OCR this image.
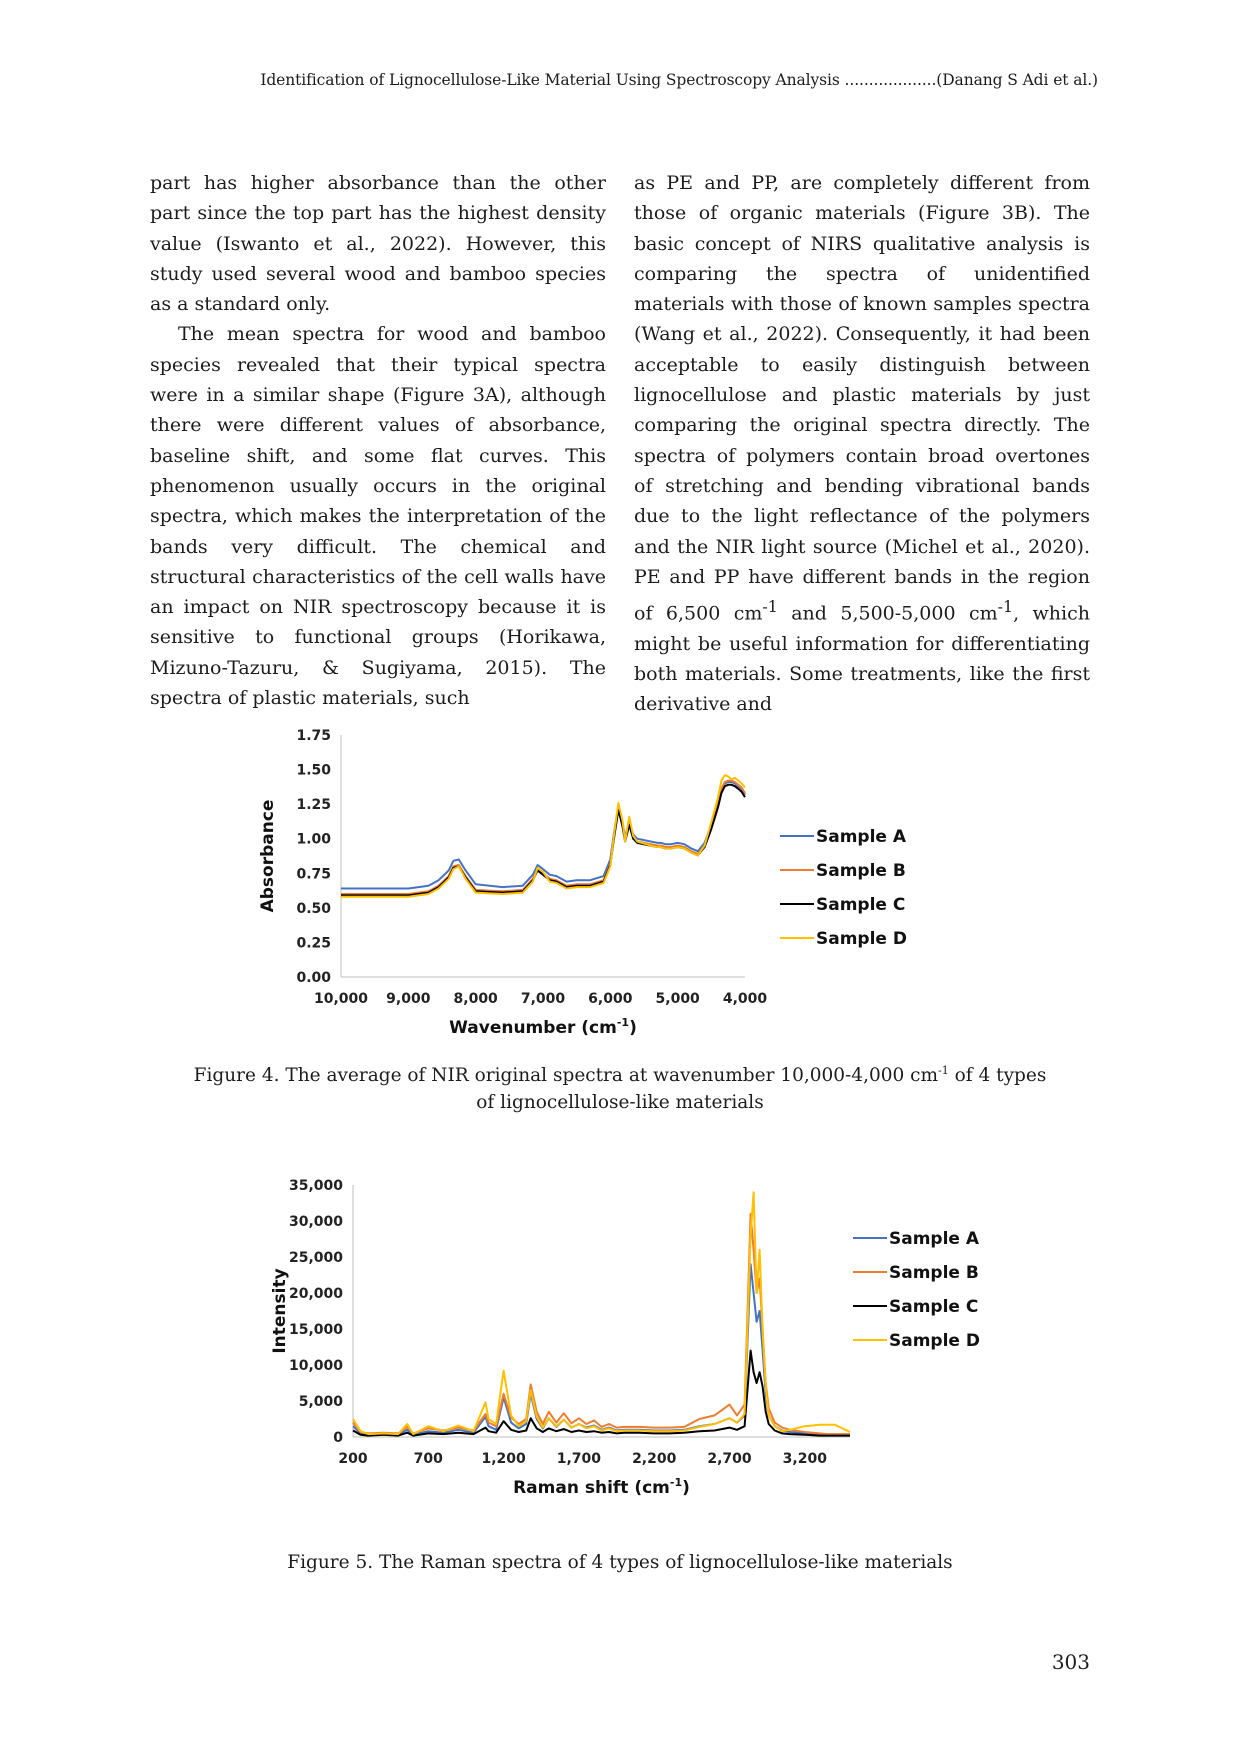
Identification of Lignocellulose-Like Material Using Spectroscopy Analysis ...................(Danang S Adi et al.)

part has higher absorbance than the other part since the top part has the highest density value (Iswanto et al., 2022). However, this study used several wood and bamboo species as a standard only.

The mean spectra for wood and bamboo species revealed that their typical spectra were in a similar shape (Figure 3A), although there were different values of absorbance, baseline shift, and some flat curves. This phenomenon usually occurs in the original spectra, which makes the interpretation of the bands very difficult. The chemical and structural characteristics of the cell walls have an impact on NIR spectroscopy because it is sensitive to functional groups (Horikawa, Mizuno-Tazuru, & Sugiyama, 2015). The spectra of plastic materials, such

as PE and PP, are completely different from those of organic materials (Figure 3B). The basic concept of NIRS qualitative analysis is comparing the spectra of unidentified materials with those of known samples spectra (Wang et al., 2022). Consequently, it had been acceptable to easily distinguish between lignocellulose and plastic materials by just comparing the original spectra directly. The spectra of polymers contain broad overtones of stretching and bending vibrational bands due to the light reflectance of the polymers and the NIR light source (Michel et al., 2020). PE and PP have different bands in the region of 6,500 $cm^{-1}$ and 5,500-5,000 $cm^{-1}$, which might be useful information for differentiating both materials. Some treatments, like the first derivative and

0.00
0.25
0.50
0.75
1.00
1.25
1.50
1.75
10,000 9,000 8,000 7,000 6,000 5,000 4,000
Wavenumber $(cm^{-1})$
Absorbance	Sample A
Sample B
Sample C
Sample D
Figure 4. The average of NIR original spectra at wavenumber 10,000-4,000 $cm^{-1}$ of 4 types
of lignocellulose-like materials
0
5,000
10,000
15,000
20,000
25,000
30,000
35,000
200	700	1,200 1,700 2,200 2,700 3,200
Raman shift $(cm^{-1})$
Intensity
Sample A
Sample B
Sample C
Sample D
Figure 5. The Raman spectra of 4 types of lignocellulose-like materials
303
